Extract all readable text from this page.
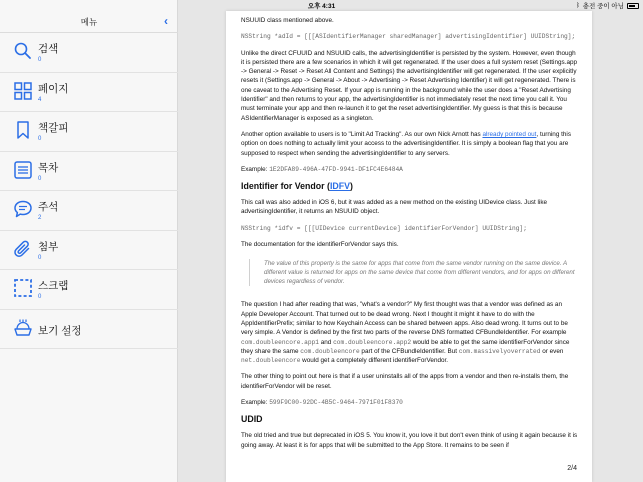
오후 4:31	ᛒ 충전 중이 아님
메뉴	‹
검색
0
페이지
4
책갈피
0
목차
0
주석
2
첨부
0
스크랩
0
보기 설정

NSUUID class mentioned above.

NSString *adId = [[[ASIdentifierManager sharedManager] advertisingIdentifier] UUIDString];

Unlike the direct CFUUID and NSUUID calls, the advertisingIdentifier is persisted by the system. However, even though it is persisted there are a few scenarios in which it will get regenerated. If the user does a full system reset (Settings.app -> General -> Reset -> Reset All Content and Settings) the advertisingIdentifier will get regenerated. If the user explicitly resets it (Settings.app -> General -> About -> Advertising -> Reset Advertising Identifier) it will get regenerated. There is one caveat to the Advertising Reset. If your app is running in the background while the user does a "Reset Advertising Identifier" and then returns to your app, the advertisingIdentifier is not immediately reset the next time you call it. You must terminate your app and then re-launch it to get the reset advertisingIdentifier. My guess is that this is because ASIdentifierManager is exposed as a singleton.

Another option available to users is to "Limit Ad Tracking". As our own Nick Arnott has already pointed out, turning this option on does nothing to actually limit your access to the advertisingIdentifier. It is simply a boolean flag that you are supposed to respect when sending the advertisingIdentifier to any servers.

Example: 1E2DFA89-496A-47FD-9941-DF1FC4E6484A

Identifier for Vendor (IDFV)

This call was also added in iOS 6, but it was added as a new method on the existing UIDevice class. Just like advertisingIdentifier, it returns an NSUUID object.

NSString *idfv = [[[UIDevice currentDevice] identifierForVendor] UUIDString];

The documentation for the identifierForVendor says this.

The value of this property is the same for apps that come from the same vendor running on the same device. A different value is returned for apps on the same device that come from different vendors, and for apps on different devices regardless of vendor.

The question I had after reading that was, "what's a vendor?" My first thought was that a vendor was defined as an Apple Developer Account. That turned out to be dead wrong. Next I thought it might it have to do with the AppIdentifierPrefix; similar to how Keychain Access can be shared between apps. Also dead wrong. It turns out to be very simple. A Vendor is defined by the first two parts of the reverse DNS formatted CFBundleIdentifier. For example com.doubleencore.app1 and com.doubleencore.app2 would be able to get the same identifierForVendor since they share the same com.doubleencore part of the CFBundleIdentifier. But com.massivelyoverrated or even net.doubleencore would get a completely different identifierForVendor.

The other thing to point out here is that if a user uninstalls all of the apps from a vendor and then re-installs them, the identifierForVendor will be reset.

Example: 599F9C00-92DC-4B5C-9464-7971F01F8370

UDID

The old tried and true but deprecated in iOS 5. You know it, you love it but don't even think of using it again because it is going away. At least it is for apps that will be submitted to the App Store. It remains to be seen if

2/4
